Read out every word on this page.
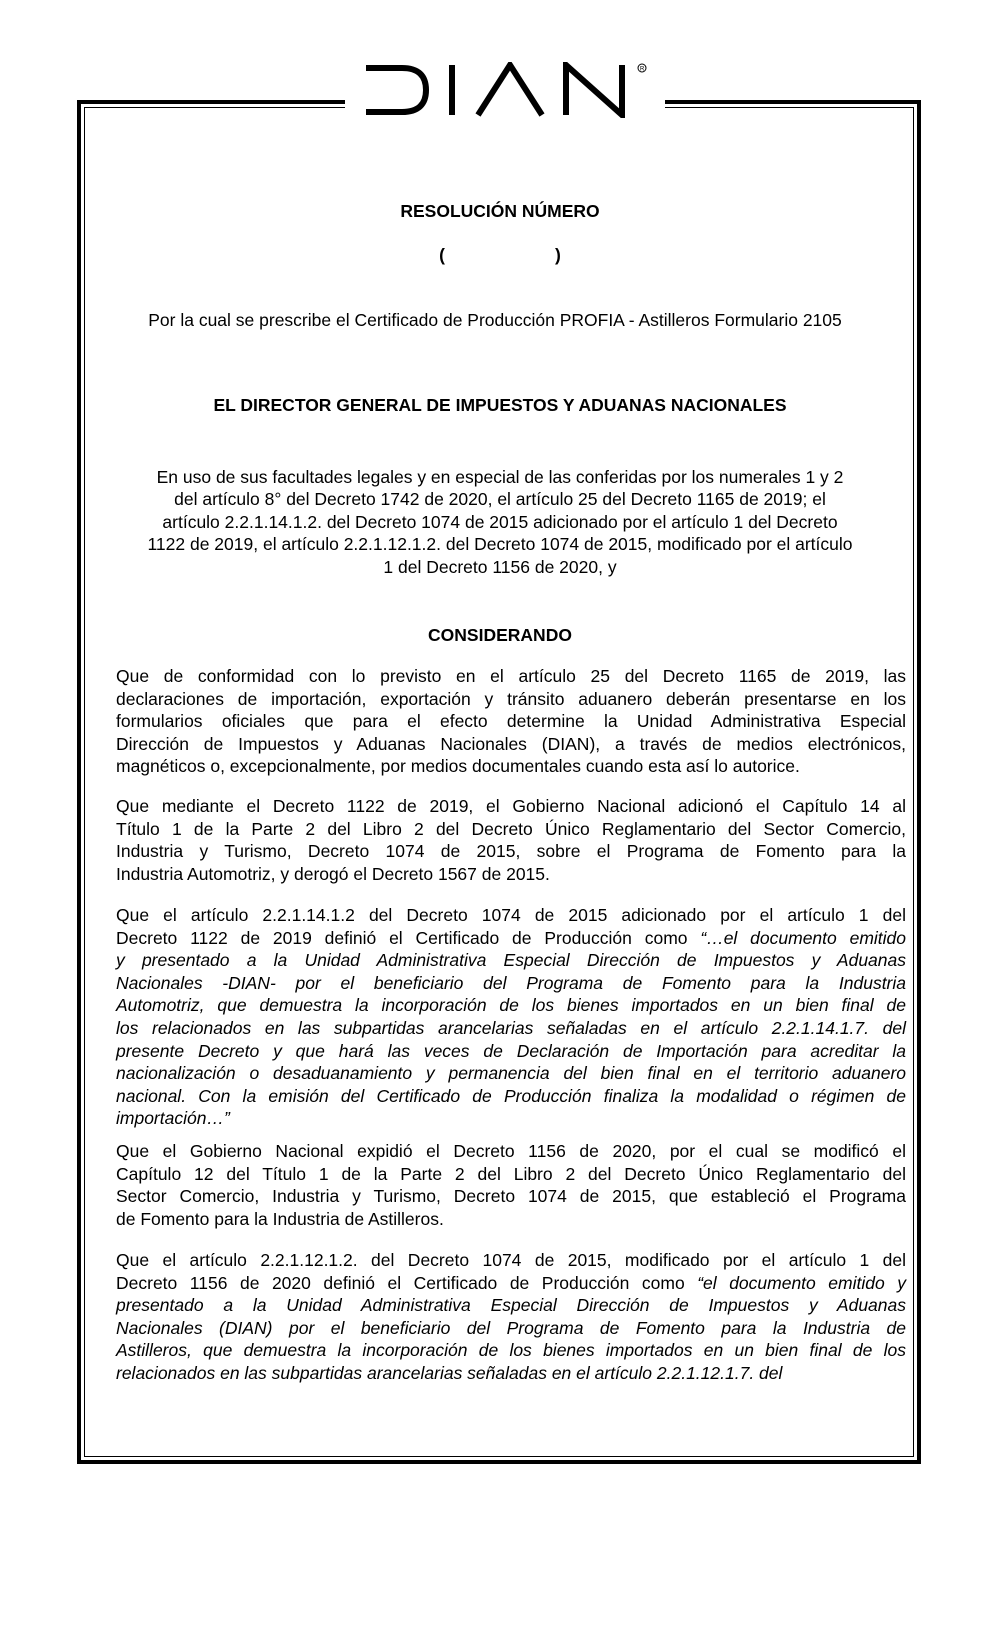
R
RESOLUCIÓN NÚMERO
(	)
Por la cual se prescribe el Certificado de Producción PROFIA - Astilleros Formulario 2105
EL DIRECTOR GENERAL DE IMPUESTOS Y ADUANAS NACIONALES
En uso de sus facultades legales y en especial de las conferidas por los numerales 1 y 2
del artículo 8° del Decreto 1742 de 2020, el artículo 25 del Decreto 1165 de 2019; el
artículo 2.2.1.14.1.2. del Decreto 1074 de 2015 adicionado por el artículo 1 del Decreto
1122 de 2019, el artículo 2.2.1.12.1.2. del Decreto 1074 de 2015, modificado por el artículo
1 del Decreto 1156 de 2020, y
CONSIDERANDO
Que de conformidad con lo previsto en el artículo 25 del Decreto 1165 de 2019, las
declaraciones de importación, exportación y tránsito aduanero deberán presentarse en los
formularios oficiales que para el efecto determine la Unidad Administrativa Especial
Dirección de Impuestos y Aduanas Nacionales (DIAN), a través de medios electrónicos,
magnéticos o, excepcionalmente, por medios documentales cuando esta así lo autorice.
Que mediante el Decreto 1122 de 2019, el Gobierno Nacional adicionó el Capítulo 14 al
Título 1 de la Parte 2 del Libro 2 del Decreto Único Reglamentario del Sector Comercio,
Industria y Turismo, Decreto 1074 de 2015, sobre el Programa de Fomento para la
Industria Automotriz, y derogó el Decreto 1567 de 2015.
Que el artículo 2.2.1.14.1.2 del Decreto 1074 de 2015 adicionado por el artículo 1 del
Decreto 1122 de 2019 definió el Certificado de Producción como “…el documento emitido
y presentado a la Unidad Administrativa Especial Dirección de Impuestos y Aduanas
Nacionales -DIAN- por el beneficiario del Programa de Fomento para la Industria
Automotriz, que demuestra la incorporación de los bienes importados en un bien final de
los relacionados en las subpartidas arancelarias señaladas en el artículo 2.2.1.14.1.7. del
presente Decreto y que hará las veces de Declaración de Importación para acreditar la
nacionalización o desaduanamiento y permanencia del bien final en el territorio aduanero
nacional. Con la emisión del Certificado de Producción finaliza la modalidad o régimen de
importación…”
Que el Gobierno Nacional expidió el Decreto 1156 de 2020, por el cual se modificó el
Capítulo 12 del Título 1 de la Parte 2 del Libro 2 del Decreto Único Reglamentario del
Sector Comercio, Industria y Turismo, Decreto 1074 de 2015, que estableció el Programa
de Fomento para la Industria de Astilleros.
Que el artículo 2.2.1.12.1.2. del Decreto 1074 de 2015, modificado por el artículo 1 del
Decreto 1156 de 2020 definió el Certificado de Producción como “el documento emitido y
presentado a la Unidad Administrativa Especial Dirección de Impuestos y Aduanas
Nacionales (DIAN) por el beneficiario del Programa de Fomento para la Industria de
Astilleros, que demuestra la incorporación de los bienes importados en un bien final de los
relacionados en las subpartidas arancelarias señaladas en el artículo 2.2.1.12.1.7. del
